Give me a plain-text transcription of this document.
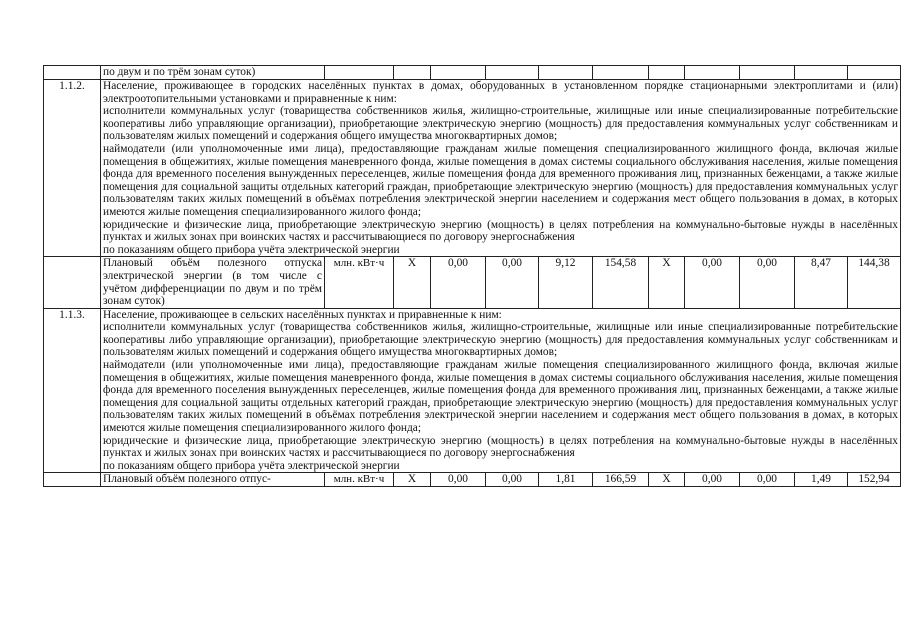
	по двум и по трём зонам суток)											
1.1.2.	Население, проживающее в городских населённых пунктах в домах, оборудованных в установленном порядке стационарными электроплитами и (или) электроотопительными установками и приравненные к ним:

исполнители коммунальных услуг (товарищества собственников жилья, жилищно-строительные, жилищные или иные специализированные потребительские кооперативы либо управляющие организации), приобретающие электрическую энергию (мощность) для предоставления коммунальных услуг собственникам и пользователям жилых помещений и содержания общего имущества многоквартирных домов;

наймодатели (или уполномоченные ими лица), предоставляющие гражданам жилые помещения специализированного жилищного фонда, включая жилые помещения в общежитиях, жилые помещения маневренного фонда, жилые помещения в домах системы социального обслуживания населения, жилые помещения фонда для временного поселения вынужденных переселенцев, жилые помещения фонда для временного проживания лиц, признанных беженцами, а также жилые помещения для социальной защиты отдельных категорий граждан, приобретающие электрическую энергию (мощность) для предоставления коммунальных услуг пользователям таких жилых помещений в объёмах потребления электрической энергии населением и содержания мест общего пользования в домах, в которых имеются жилые помещения специализированного жилого фонда;

юридические и физические лица, приобретающие электрическую энергию (мощность) в целях потребления на коммунально-бытовые нужды в населённых пунктах и жилых зонах при воинских частях и рассчитывающиеся по договору энергоснабжения

по показаниям общего прибора учёта электрической энергии											

	Плановый объём полезного отпуска электрической энергии (в том числе с учётом дифференциации по двум и по трём зонам суток)	млн. кВт·ч	Х	0,00	0,00	9,12	154,58	Х	0,00	0,00	8,47	144,38
1.1.3.	Население, проживающее в сельских населённых пунктах и приравненные к ним:

исполнители коммунальных услуг (товарищества собственников жилья, жилищно-строительные, жилищные или иные специализированные потребительские кооперативы либо управляющие организации), приобретающие электрическую энергию (мощность) для предоставления коммунальных услуг собственникам и пользователям жилых помещений и содержания общего имущества многоквартирных домов;

наймодатели (или уполномоченные ими лица), предоставляющие гражданам жилые помещения специализированного жилищного фонда, включая жилые помещения в общежитиях, жилые помещения маневренного фонда, жилые помещения в домах системы социального обслуживания населения, жилые помещения фонда для временного поселения вынужденных переселенцев, жилые помещения фонда для временного проживания лиц, признанных беженцами, а также жилые помещения для социальной защиты отдельных категорий граждан, приобретающие электрическую энергию (мощность) для предоставления коммунальных услуг пользователям таких жилых помещений в объёмах потребления электрической энергии населением и содержания мест общего пользования в домах, в которых имеются жилые помещения специализированного жилого фонда;

юридические и физические лица, приобретающие электрическую энергию (мощность) в целях потребления на коммунально-бытовые нужды в населённых пунктах и жилых зонах при воинских частях и рассчитывающиеся по договору энергоснабжения

по показаниям общего прибора учёта электрической энергии											

	Плановый объём полезного отпус-	млн. кВт·ч	Х	0,00	0,00	1,81	166,59	Х	0,00	0,00	1,49	152,94
